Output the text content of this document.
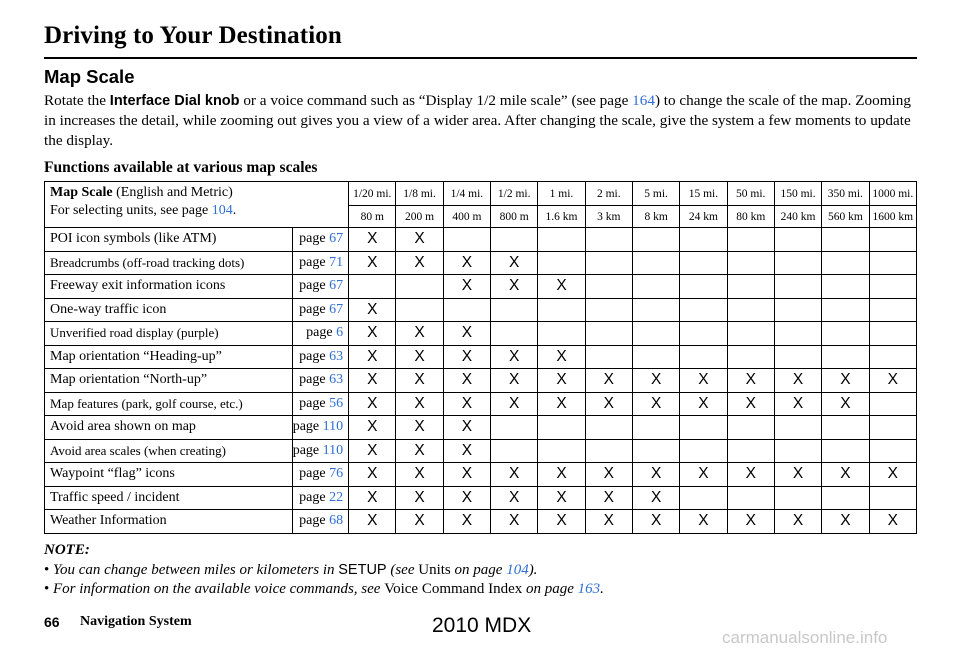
Driving to Your Destination
Map Scale
Rotate the Interface Dial knob or a voice command such as “Display 1/2 mile scale” (see page 164) to change the scale of the map. Zooming in increases the detail, while zooming out gives you a view of a wider area. After changing the scale, give the system a few moments to update the display.
Functions available at various map scales
Map Scale (English and Metric)
For selecting units, see page 104.		1/20 mi.	1/8 mi.	1/4 mi.	1/2 mi.	1 mi.	2 mi.	5 mi.	15 mi.	50 mi.	150 mi.	350 mi.	1000 mi.
		80 m	200 m	400 m	800 m	1.6 km	3 km	8 km	24 km	80 km	240 km	560 km	1600 km
POI icon symbols (like ATM)	page 67	X	X										
Breadcrumbs (off-road tracking dots)	page 71	X	X	X	X								
Freeway exit information icons	page 67			X	X	X							
One-way traffic icon	page 67	X											
Unverified road display (purple)	page 6	X	X	X									
Map orientation “Heading-up”	page 63	X	X	X	X	X							
Map orientation “North-up”	page 63	X	X	X	X	X	X	X	X	X	X	X	X
Map features (park, golf course, etc.)	page 56	X	X	X	X	X	X	X	X	X	X	X	
Avoid area shown on map	page 110	X	X	X									
Avoid area scales (when creating)	page 110	X	X	X									
Waypoint “flag” icons	page 76	X	X	X	X	X	X	X	X	X	X	X	X
Traffic speed / incident	page 22	X	X	X	X	X	X	X					
Weather Information	page 68	X	X	X	X	X	X	X	X	X	X	X	X
NOTE:
• You can change between miles or kilometers in SETUP (see Units on page 104).
• For information on the available voice commands, see Voice Command Index on page 163.
66 Navigation System	2010 MDX
carmanualsonline.info
